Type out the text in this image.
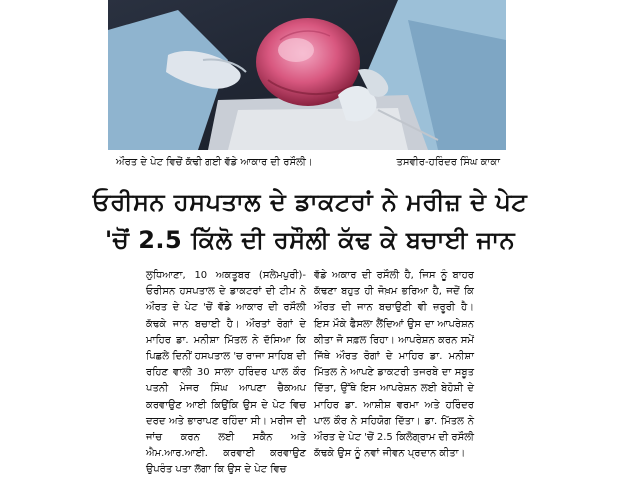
ਔਰਤ ਦੇ ਪੇਟ ਵਿਚੋਂ ਕੱਢੀ ਗਈ ਵੱਡੇ ਆਕਾਰ ਦੀ ਰਸੌਲੀ।	ਤਸਵੀਰ-ਹਰਿੰਦਰ ਸਿੰਘ ਕਾਕਾ
ਓਰੀਸਨ ਹਸਪਤਾਲ ਦੇ ਡਾਕਟਰਾਂ ਨੇ ਮਰੀਜ਼ ਦੇ ਪੇਟ
'ਚੋਂ 2.5 ਕਿੱਲੋ ਦੀ ਰਸੌਲੀ ਕੱਢ ਕੇ ਬਚਾਈ ਜਾਨ

ਲੁਧਿਆਣਾ, 10 ਅਕਤੂਬਰ (ਸਲੇਮਪੁਰੀ)-ਓਰੀਸਨ ਹਸਪਤਾਲ ਦੇ ਡਾਕਟਰਾਂ ਦੀ ਟੀਮ ਨੇ ਔਰਤ ਦੇ ਪੇਟ 'ਚੋਂ ਵੱਡੇ ਆਕਾਰ ਦੀ ਰਸੌਲੀ ਕੱਢਕੇ ਜਾਨ ਬਚਾਈ ਹੈ। ਔਰਤਾਂ ਰੋਗਾਂ ਦੇ ਮਾਹਿਰ ਡਾ. ਮਨੀਸ਼ਾ ਮਿੱਤਲ ਨੇ ਦੱਸਿਆ ਕਿ ਪਿਛਲੇ ਦਿਨੀਂ ਹਸਪਤਾਲ 'ਚ ਰਾਜਾ ਸਾਹਿਬ ਦੀ ਰਹਿਣ ਵਾਲੀ 30 ਸਾਲਾ ਹਰਿੰਦਰ ਪਾਲ ਕੌਰ ਪਤਨੀ ਮੇਜਰ ਸਿੰਘ ਆਪਣਾ ਚੈਕਅਪ ਕਰਵਾਉਣ ਆਈ ਕਿਉਂਕਿ ਉਸ ਦੇ ਪੇਟ ਵਿਚ ਦਰਦ ਅਤੇ ਭਾਰਾਪਣ ਰਹਿੰਦਾ ਸੀ। ਮਰੀਜ ਦੀ ਜਾਂਚ ਕਰਨ ਲਈ ਸਕੈਨ ਅਤੇ ਐਮ.ਆਰ.ਆਈ. ਕਰਵਾਈ ਕਰਵਾਉਣ ਉਪਰੰਤ ਪਤਾ ਲੱਗਾ ਕਿ ਉਸ ਦੇ ਪੇਟ ਵਿਚ

ਵੱਡੇ ਅਕਾਰ ਦੀ ਰਸੌਲੀ ਹੈ, ਜਿਸ ਨੂੰ ਬਾਹਰ ਕੱਢਣਾ ਬਹੁਤ ਹੀ ਜੋਖ਼ਮ ਭਰਿਆ ਹੈ, ਜਦੋਂ ਕਿ ਔਰਤ ਦੀ ਜਾਨ ਬਚਾਉਣੀ ਵੀ ਜ਼ਰੂਰੀ ਹੈ। ਇਸ ਮੌਕੇ ਫੈਸਲਾ ਲੈਂਦਿਆਂ ਉਸ ਦਾ ਆਪਰੇਸ਼ਨ ਕੀਤਾ ਜੋ ਸਫ਼ਲ ਰਿਹਾ। ਆਪਰੇਸ਼ਨ ਕਰਨ ਸਮੇਂ ਜਿੱਥੇ ਔਰਤ ਰੋਗਾਂ ਦੇ ਮਾਹਿਰ ਡਾ. ਮਨੀਸ਼ਾ ਮਿੱਤਲ ਨੇ ਆਪਣੇ ਡਾਕਟਰੀ ਤਜਰਬੇ ਦਾ ਸਬੂਤ ਦਿੱਤਾ, ਉੱਥੇ ਇਸ ਆਪਰੇਸ਼ਨ ਲਈ ਬੇਹੋਸ਼ੀ ਦੇ ਮਾਹਿਰ ਡਾ. ਆਸ਼ੀਸ਼ ਵਰਮਾ ਅਤੇ ਹਰਿੰਦਰ ਪਾਲ ਕੌਰ ਨੇ ਸਹਿਯੋਗ ਦਿੱਤਾ। ਡਾ. ਮਿੱਤਲ ਨੇ ਔਰਤ ਦੇ ਪੇਟ 'ਚੋਂ 2.5 ਕਿਲੋਗ੍ਰਾਮ ਦੀ ਰਸੌਲੀ ਕੱਢਕੇ ਉਸ ਨੂੰ ਨਵਾਂ ਜੀਵਨ ਪ੍ਰਦਾਨ ਕੀਤਾ।
